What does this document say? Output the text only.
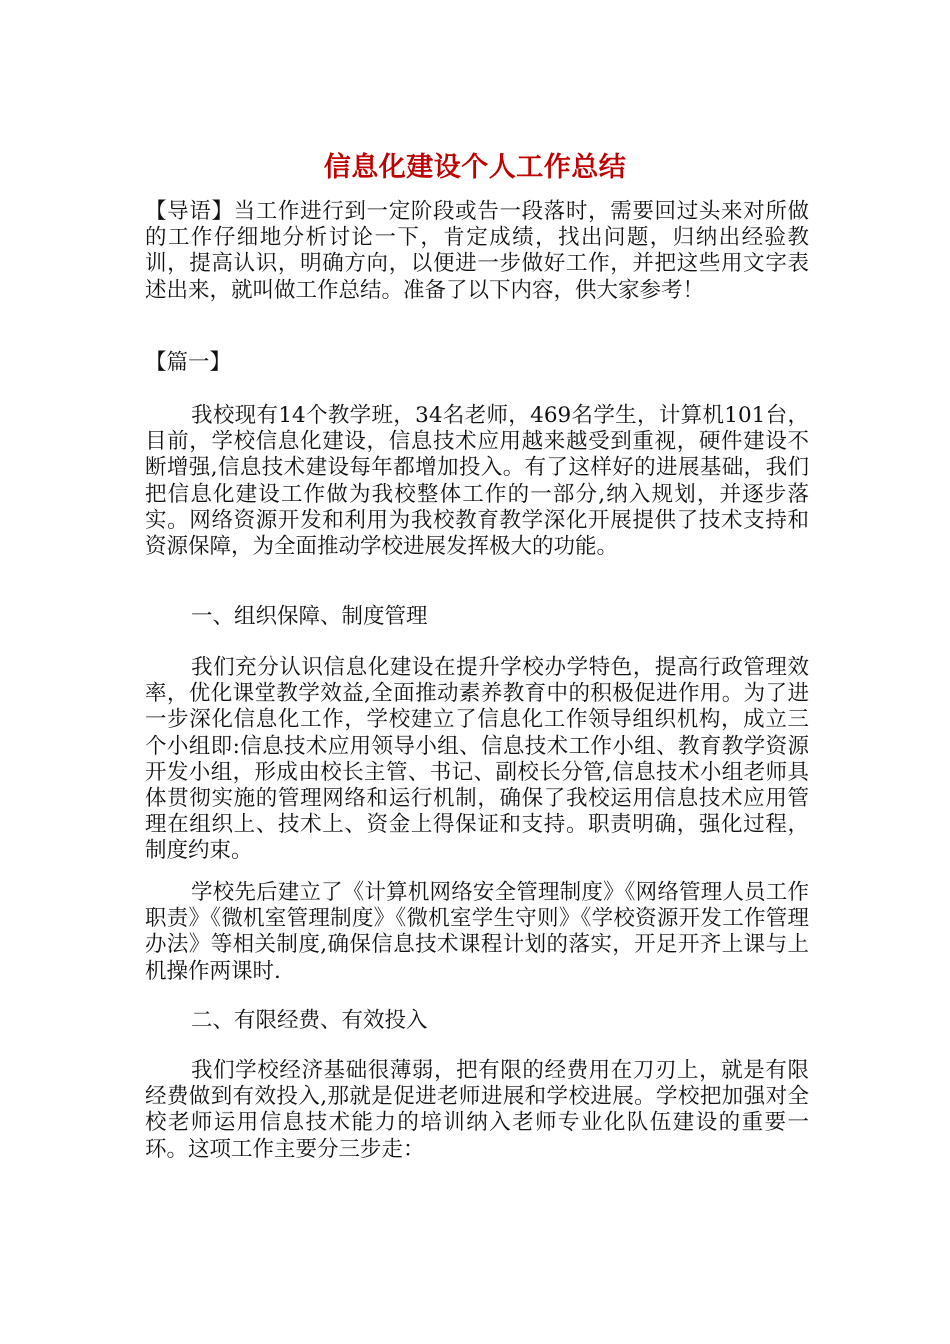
信息化建设个人工作总结

【导语】当工作进行到一定阶段或告一段落时，需要回过头来对所做的工作仔细地分析讨论一下，肯定成绩，找出问题，归纳出经验教训，提高认识，明确方向，以便进一步做好工作，并把这些用文字表述出来，就叫做工作总结。准备了以下内容，供大家参考！

【篇一】

我校现有14个教学班，34名老师，469名学生，计算机101台，目前，学校信息化建设，信息技术应用越来越受到重视，硬件建设不断增强,信息技术建设每年都增加投入。有了这样好的进展基础，我们把信息化建设工作做为我校整体工作的一部分,纳入规划，并逐步落实。网络资源开发和利用为我校教育教学深化开展提供了技术支持和资源保障，为全面推动学校进展发挥极大的功能。

一、组织保障、制度管理

我们充分认识信息化建设在提升学校办学特色，提高行政管理效率，优化课堂教学效益,全面推动素养教育中的积极促进作用。为了进一步深化信息化工作，学校建立了信息化工作领导组织机构，成立三个小组即:信息技术应用领导小组、信息技术工作小组、教育教学资源开发小组，形成由校长主管、书记、副校长分管,信息技术小组老师具体贯彻实施的管理网络和运行机制，确保了我校运用信息技术应用管理在组织上、技术上、资金上得保证和支持。职责明确，强化过程，制度约束。

学校先后建立了《计算机网络安全管理制度》《网络管理人员工作职责》《微机室管理制度》《微机室学生守则》《学校资源开发工作管理办法》等相关制度,确保信息技术课程计划的落实，开足开齐上课与上机操作两课时.

二、有限经费、有效投入

我们学校经济基础很薄弱，把有限的经费用在刀刃上，就是有限经费做到有效投入,那就是促进老师进展和学校进展。学校把加强对全校老师运用信息技术能力的培训纳入老师专业化队伍建设的重要一环。这项工作主要分三步走：
